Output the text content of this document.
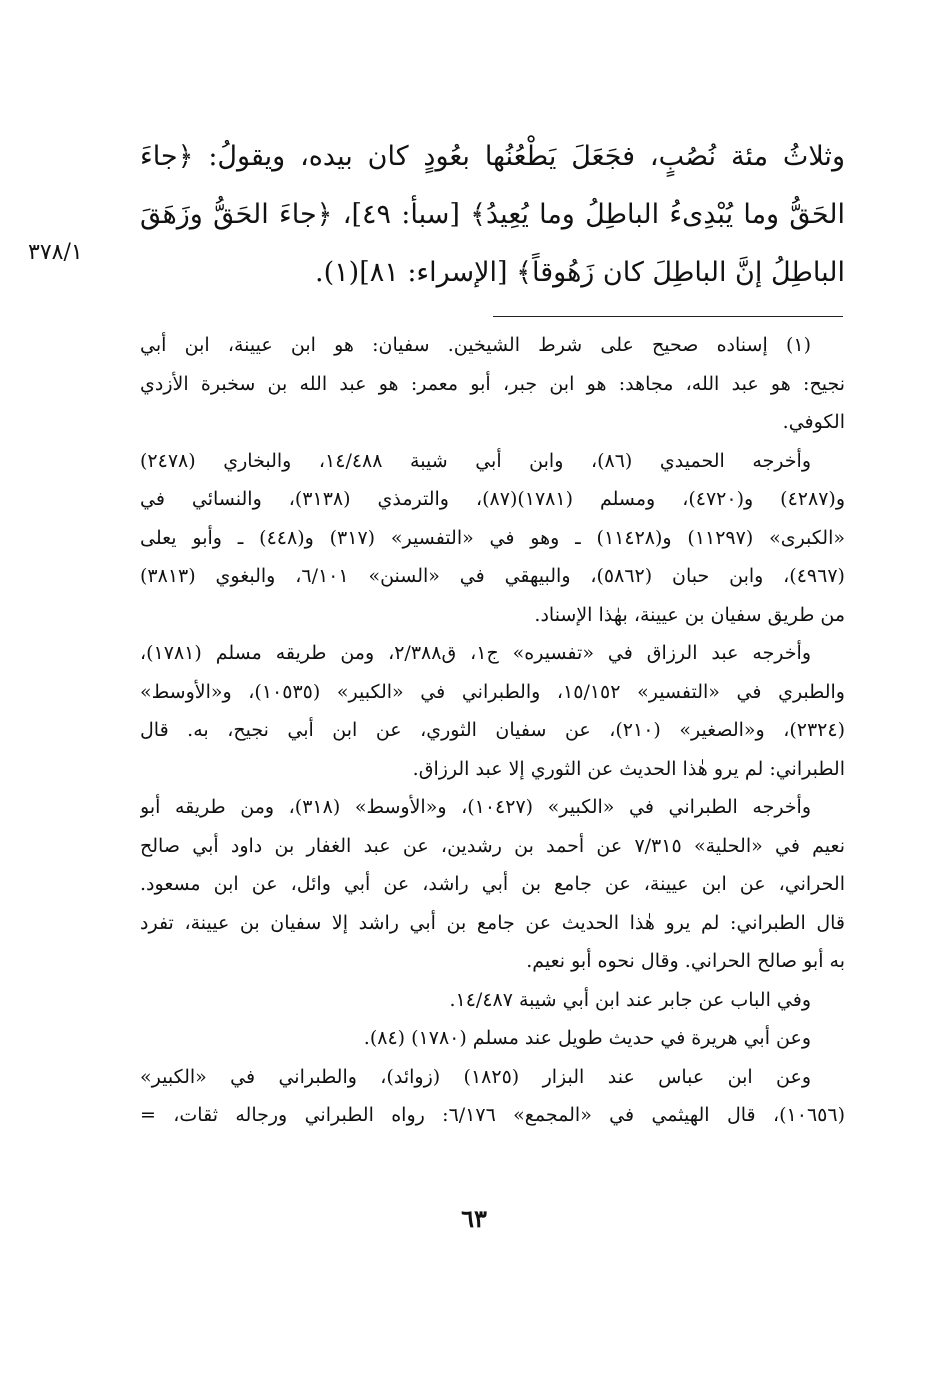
٣٧٨/١
وثلاثُ مئة نُصُبٍ، فجَعَلَ يَطْعُنُها بعُودٍ كان بيده، ويقولُ: ﴿جاءَ
الحَقُّ وما يُبْدِىءُ الباطِلُ وما يُعِيدُ﴾ [سبأ: ٤٩]، ﴿جاءَ الحَقُّ وزَهَقَ
الباطِلُ إنَّ الباطِلَ كان زَهُوقاً﴾ [الإسراء: ٨١](١).
(١) إسناده صحيح على شرط الشيخين. سفيان: هو ابن عيينة، ابن أبي
نجيح: هو عبد الله، مجاهد: هو ابن جبر، أبو معمر: هو عبد الله بن سخبرة الأزدي
الكوفي.
وأخرجه الحميدي (٨٦)، وابن أبي شيبة ١٤/٤٨٨، والبخاري (٢٤٧٨)
و(٤٢٨٧) و(٤٧٢٠)، ومسلم (١٧٨١)(٨٧)، والترمذي (٣١٣٨)، والنسائي في
«الكبرى» (١١٢٩٧) و(١١٤٢٨) ـ وهو في «التفسير» (٣١٧) و(٤٤٨) ـ وأبو يعلى
(٤٩٦٧)، وابن حبان (٥٨٦٢)، والبيهقي في «السنن» ٦/١٠١، والبغوي (٣٨١٣)
من طريق سفيان بن عيينة، بهٰذا الإسناد.
وأخرجه عبد الرزاق في «تفسيره» ج١، ق٢/٣٨٨، ومن طريقه مسلم (١٧٨١)،
والطبري في «التفسير» ١٥/١٥٢، والطبراني في «الكبير» (١٠٥٣٥)، و«الأوسط»
(٢٣٢٤)، و«الصغير» (٢١٠)، عن سفيان الثوري، عن ابن أبي نجيح، به. قال
الطبراني: لم يرو هٰذا الحديث عن الثوري إلا عبد الرزاق.
وأخرجه الطبراني في «الكبير» (١٠٤٢٧)، و«الأوسط» (٣١٨)، ومن طريقه أبو
نعيم في «الحلية» ٧/٣١٥ عن أحمد بن رشدين، عن عبد الغفار بن داود أبي صالح
الحراني، عن ابن عيينة، عن جامع بن أبي راشد، عن أبي وائل، عن ابن مسعود.
قال الطبراني: لم يرو هٰذا الحديث عن جامع بن أبي راشد إلا سفيان بن عيينة، تفرد
به أبو صالح الحراني. وقال نحوه أبو نعيم.
وفي الباب عن جابر عند ابن أبي شيبة ١٤/٤٨٧.
وعن أبي هريرة في حديث طويل عند مسلم (١٧٨٠) (٨٤).
وعن ابن عباس عند البزار (١٨٢٥) (زوائد)، والطبراني في «الكبير»
(١٠٦٥٦)، قال الهيثمي في «المجمع» ٦/١٧٦: رواه الطبراني ورجاله ثقات، =
٦٣
